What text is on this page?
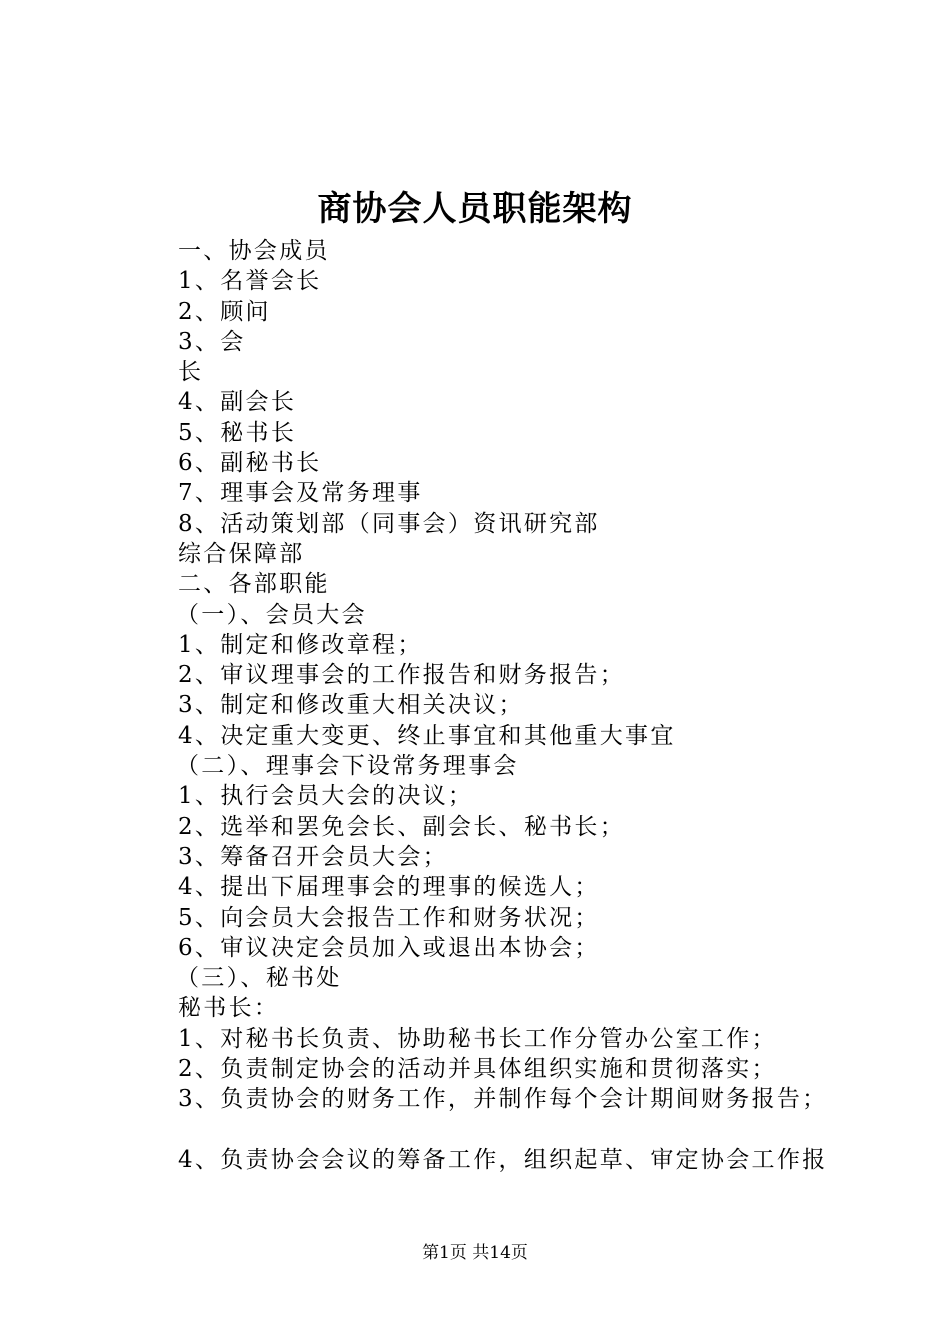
商协会人员职能架构
一、协会成员
1、名誉会长
2、顾问
3、会
长
4、副会长
5、秘书长
6、副秘书长
7、理事会及常务理事
8、活动策划部（同事会）资讯研究部
综合保障部
二、各部职能
（一）、会员大会
1、制定和修改章程；
2、审议理事会的工作报告和财务报告；
3、制定和修改重大相关决议；
4、决定重大变更、终止事宜和其他重大事宜
（二）、理事会下设常务理事会
1、执行会员大会的决议；
2、选举和罢免会长、副会长、秘书长；
3、筹备召开会员大会；
4、提出下届理事会的理事的候选人；
5、向会员大会报告工作和财务状况；
6、审议决定会员加入或退出本协会；
（三）、秘书处
秘书长：
1、对秘书长负责、协助秘书长工作分管办公室工作；
2、负责制定协会的活动并具体组织实施和贯彻落实；
3、负责协会的财务工作，并制作每个会计期间财务报告；
4、负责协会会议的筹备工作，组织起草、审定协会工作报
第1页 共14页
